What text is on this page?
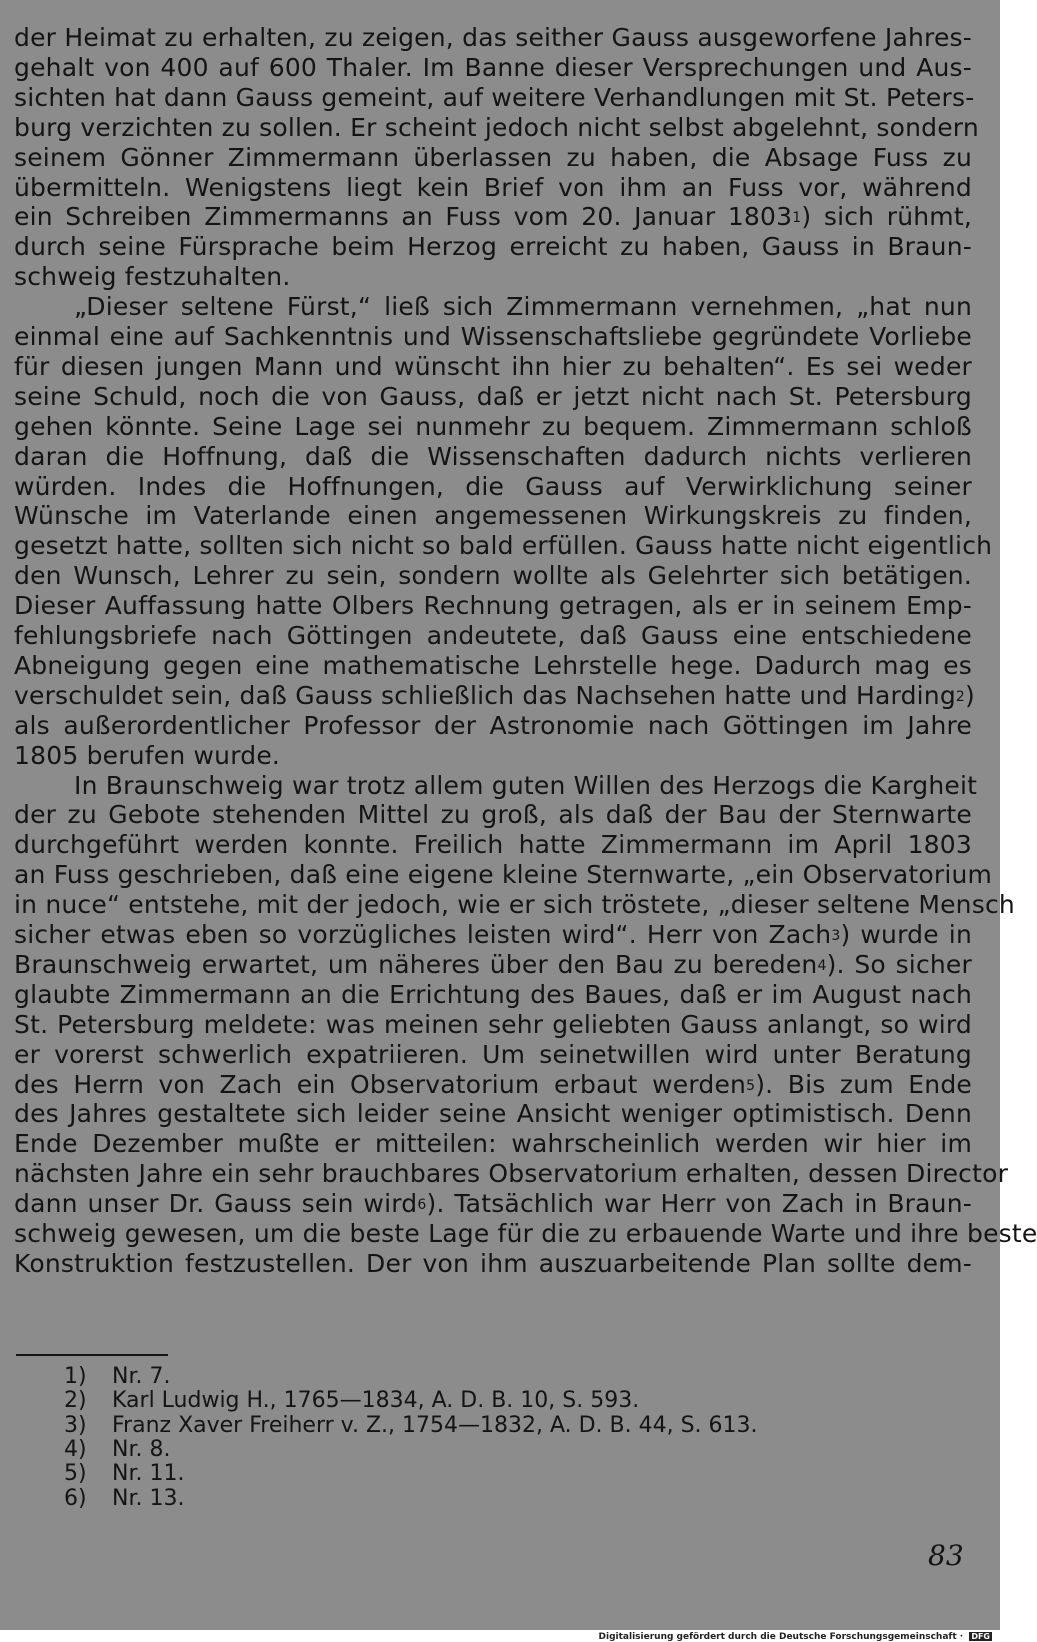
der Heimat zu erhalten, zu zeigen, das seither Gauss ausgeworfene Jahres-
gehalt von 400 auf 600 Thaler. Im Banne dieser Versprechungen und Aus-
sichten hat dann Gauss gemeint, auf weitere Verhandlungen mit St. Peters-
burg verzichten zu sollen. Er scheint jedoch nicht selbst abgelehnt, sondern
seinem Gönner Zimmermann überlassen zu haben, die Absage Fuss zu
übermitteln. Wenigstens liegt kein Brief von ihm an Fuss vor, während
ein Schreiben Zimmermanns an Fuss vom 20. Januar 1803$^1$) sich rühmt,
durch seine Fürsprache beim Herzog erreicht zu haben, Gauss in Braun-
schweig festzuhalten.
„Dieser seltene Fürst,“ ließ sich Zimmermann vernehmen, „hat nun
einmal eine auf Sachkenntnis und Wissenschaftsliebe gegründete Vorliebe
für diesen jungen Mann und wünscht ihn hier zu behalten“. Es sei weder
seine Schuld, noch die von Gauss, daß er jetzt nicht nach St. Petersburg
gehen könnte. Seine Lage sei nunmehr zu bequem. Zimmermann schloß
daran die Hoffnung, daß die Wissenschaften dadurch nichts verlieren
würden. Indes die Hoffnungen, die Gauss auf Verwirklichung seiner
Wünsche im Vaterlande einen angemessenen Wirkungskreis zu finden,
gesetzt hatte, sollten sich nicht so bald erfüllen. Gauss hatte nicht eigentlich
den Wunsch, Lehrer zu sein, sondern wollte als Gelehrter sich betätigen.
Dieser Auffassung hatte Olbers Rechnung getragen, als er in seinem Emp-
fehlungsbriefe nach Göttingen andeutete, daß Gauss eine entschiedene
Abneigung gegen eine mathematische Lehrstelle hege. Dadurch mag es
verschuldet sein, daß Gauss schließlich das Nachsehen hatte und Harding$^2$)
als außerordentlicher Professor der Astronomie nach Göttingen im Jahre
1805 berufen wurde.
In Braunschweig war trotz allem guten Willen des Herzogs die Kargheit
der zu Gebote stehenden Mittel zu groß, als daß der Bau der Sternwarte
durchgeführt werden konnte. Freilich hatte Zimmermann im April 1803
an Fuss geschrieben, daß eine eigene kleine Sternwarte, „ein Observatorium
in nuce“ entstehe, mit der jedoch, wie er sich tröstete, „dieser seltene Mensch
sicher etwas eben so vorzügliches leisten wird“. Herr von Zach$^3$) wurde in
Braunschweig erwartet, um näheres über den Bau zu bereden$^4$). So sicher
glaubte Zimmermann an die Errichtung des Baues, daß er im August nach
St. Petersburg meldete: was meinen sehr geliebten Gauss anlangt, so wird
er vorerst schwerlich expatriieren. Um seinetwillen wird unter Beratung
des Herrn von Zach ein Observatorium erbaut werden$^5$). Bis zum Ende
des Jahres gestaltete sich leider seine Ansicht weniger optimistisch. Denn
Ende Dezember mußte er mitteilen: wahrscheinlich werden wir hier im
nächsten Jahre ein sehr brauchbares Observatorium erhalten, dessen Director
dann unser Dr. Gauss sein wird$^6$). Tatsächlich war Herr von Zach in Braun-
schweig gewesen, um die beste Lage für die zu erbauende Warte und ihre beste
Konstruktion festzustellen. Der von ihm auszuarbeitende Plan sollte dem-
1) Nr. 7.
2) Karl Ludwig H., 1765—1834, A. D. B. 10, S. 593.
3) Franz Xaver Freiherr v. Z., 1754—1832, A. D. B. 44, S. 613.
4) Nr. 8.
5) Nr. 11.
6) Nr. 13.
83
Digitalisierung gefördert durch die Deutsche Forschungsgemeinschaft · DFG
